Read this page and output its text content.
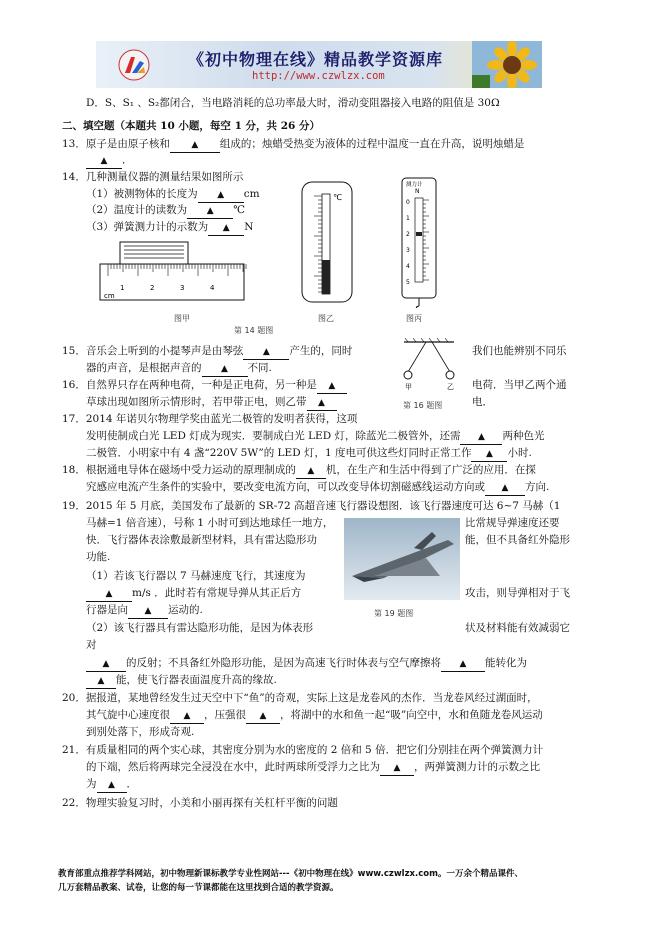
《初中物理在线》精品教学资源库
http://www.czwlzx.com
D．S、S₁ 、S₂都闭合，当电路消耗的总功率最大时，滑动变阻器接入电路的阻值是 30Ω
二、填空题（本题共 10 小题，每空 1 分，共 26 分）
13．原子是由原子核和 ▲ 组成的；烛蜡受热变为液体的过程中温度一直在升高，说明烛蜡是
▲ ．
14．几种测量仪器的测量结果如图所示
（1）被测物体的长度为 ▲ cm
（2）温度计的读数为 ▲ ℃
（3）弹簧测力计的示数为 ▲ N
cm
1	2	3	4
℃
测力计
N
0
1
2
3
4
5
图甲	图乙	图丙
第 14 题图
15．音乐会上听到的小提琴声是由琴弦 ▲ 产生的，同时	我们也能辨别不同乐
器的声音，是根据声音的 ▲ 不同.
甲	乙
第 16 题图
16．自然界只存在两种电荷，一种是正电荷，另一种是 ▲	电荷．当甲乙两个通
草球出现如图所示情形时，若甲带正电，则乙带 ▲	电．
17．2014 年诺贝尔物理学奖由蓝光二极管的发明者获得，这项
发明使制成白光 LED 灯成为现实．要制成白光 LED 灯，除蓝光二极管外，还需 ▲ 两种色光
二极管．小明家中有 4 盏“220V 5W”的 LED 灯，1 度电可供这些灯同时正常工作 ▲ 小时.
18．根据通电导体在磁场中受力运动的原理制成的 ▲ 机，在生产和生活中得到了广泛的应用．在探
究感应电流产生条件的实验中，要改变电流方向，可以改变导体切割磁感线运动方向或 ▲ 方向.
19．2015 年 5 月底，美国发布了最新的 SR-72 高超音速飞行器设想图．该飞行器速度可达 6~7 马赫（1
马赫=1 倍音速），号称 1 小时可到达地球任一地方，	比常规导弹速度还要
快．飞行器体表涂敷最新型材料，具有雷达隐形功	能，但不具备红外隐形
功能.
第 19 题图
（1）若该飞行器以 7 马赫速度飞行，其速度为
▲ m/s ．此时若有常规导弹从其正后方	攻击，则导弹相对于飞
行器是向 ▲ 运动的.
（2）该飞行器具有雷达隐形功能，是因为体表形	状及材料能有效减弱它
对
▲ 的反射；不具备红外隐形功能，是因为高速飞行时体表与空气摩擦将 ▲ 能转化为
▲ 能，使飞行器表面温度升高的缘故.
20．据报道，某地曾经发生过天空中下“鱼”的奇观，实际上这是龙卷风的杰作．当龙卷风经过湖面时，
其气旋中心速度很 ▲ ，压强很 ▲ ，将湖中的水和鱼一起“吸”向空中，水和鱼随龙卷风运动
到别处落下，形成奇观.
21．有质量相同的两个实心球，其密度分别为水的密度的 2 倍和 5 倍．把它们分别挂在两个弹簧测力计
的下端，然后将两球完全浸没在水中，此时两球所受浮力之比为 ▲ ，两弹簧测力计的示数之比
为 ▲ ．
22．物理实验复习时，小美和小丽再探有关杠杆平衡的问题
教育部重点推荐学科网站，初中物理新课标教学专业性网站---《初中物理在线》www.czwlzx.com。一万余个精品课件、
几万套精品教案、试卷，让您的每一节课都能在这里找到合适的教学资源。
